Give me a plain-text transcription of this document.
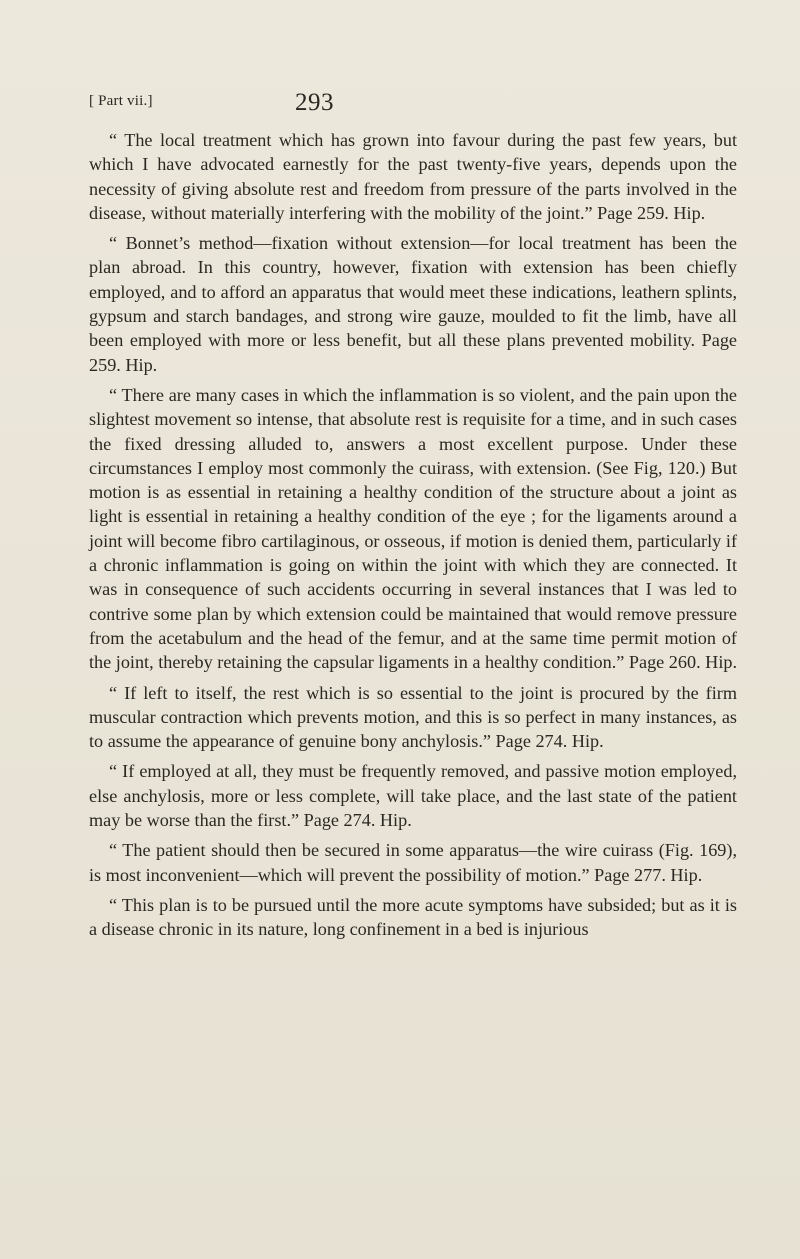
[ Part vii.]	293

“ The local treatment which has grown into favour during the past few years, but which I have advocated earnestly for the past twenty-five years, depends upon the necessity of giving absolute rest and freedom from pressure of the parts involved in the disease, without materially interfering with the mobility of the joint.” Page 259. Hip.

“ Bonnet’s method—fixation without extension—for local treatment has been the plan abroad. In this country, however, fixation with extension has been chiefly employed, and to afford an apparatus that would meet these indications, leathern splints, gypsum and starch bandages, and strong wire gauze, moulded to fit the limb, have all been employed with more or less benefit, but all these plans prevented mobility. Page 259. Hip.

“ There are many cases in which the inflammation is so violent, and the pain upon the slightest movement so intense, that absolute rest is requisite for a time, and in such cases the fixed dressing alluded to, answers a most excellent purpose. Under these circumstances I employ most commonly the cuirass, with extension. (See Fig, 120.) But motion is as essential in retaining a healthy condition of the structure about a joint as light is essential in retaining a healthy condition of the eye ; for the ligaments around a joint will become fibro cartilaginous, or osseous, if motion is denied them, particularly if a chronic inflammation is going on within the joint with which they are connected. It was in consequence of such accidents occurring in several instances that I was led to contrive some plan by which extension could be maintained that would remove pressure from the acetabulum and the head of the femur, and at the same time permit motion of the joint, thereby retaining the capsular ligaments in a healthy condition.” Page 260. Hip.

“ If left to itself, the rest which is so essential to the joint is procured by the firm muscular contraction which prevents motion, and this is so perfect in many instances, as to assume the appearance of genuine bony anchylosis.” Page 274. Hip.

“ If employed at all, they must be frequently removed, and passive motion employed, else anchylosis, more or less complete, will take place, and the last state of the patient may be worse than the first.” Page 274. Hip.

“ The patient should then be secured in some apparatus—the wire cuirass (Fig. 169), is most inconvenient—which will prevent the possibility of motion.” Page 277. Hip.

“ This plan is to be pursued until the more acute symptoms have subsided; but as it is a disease chronic in its nature, long confinement in a bed is injurious
